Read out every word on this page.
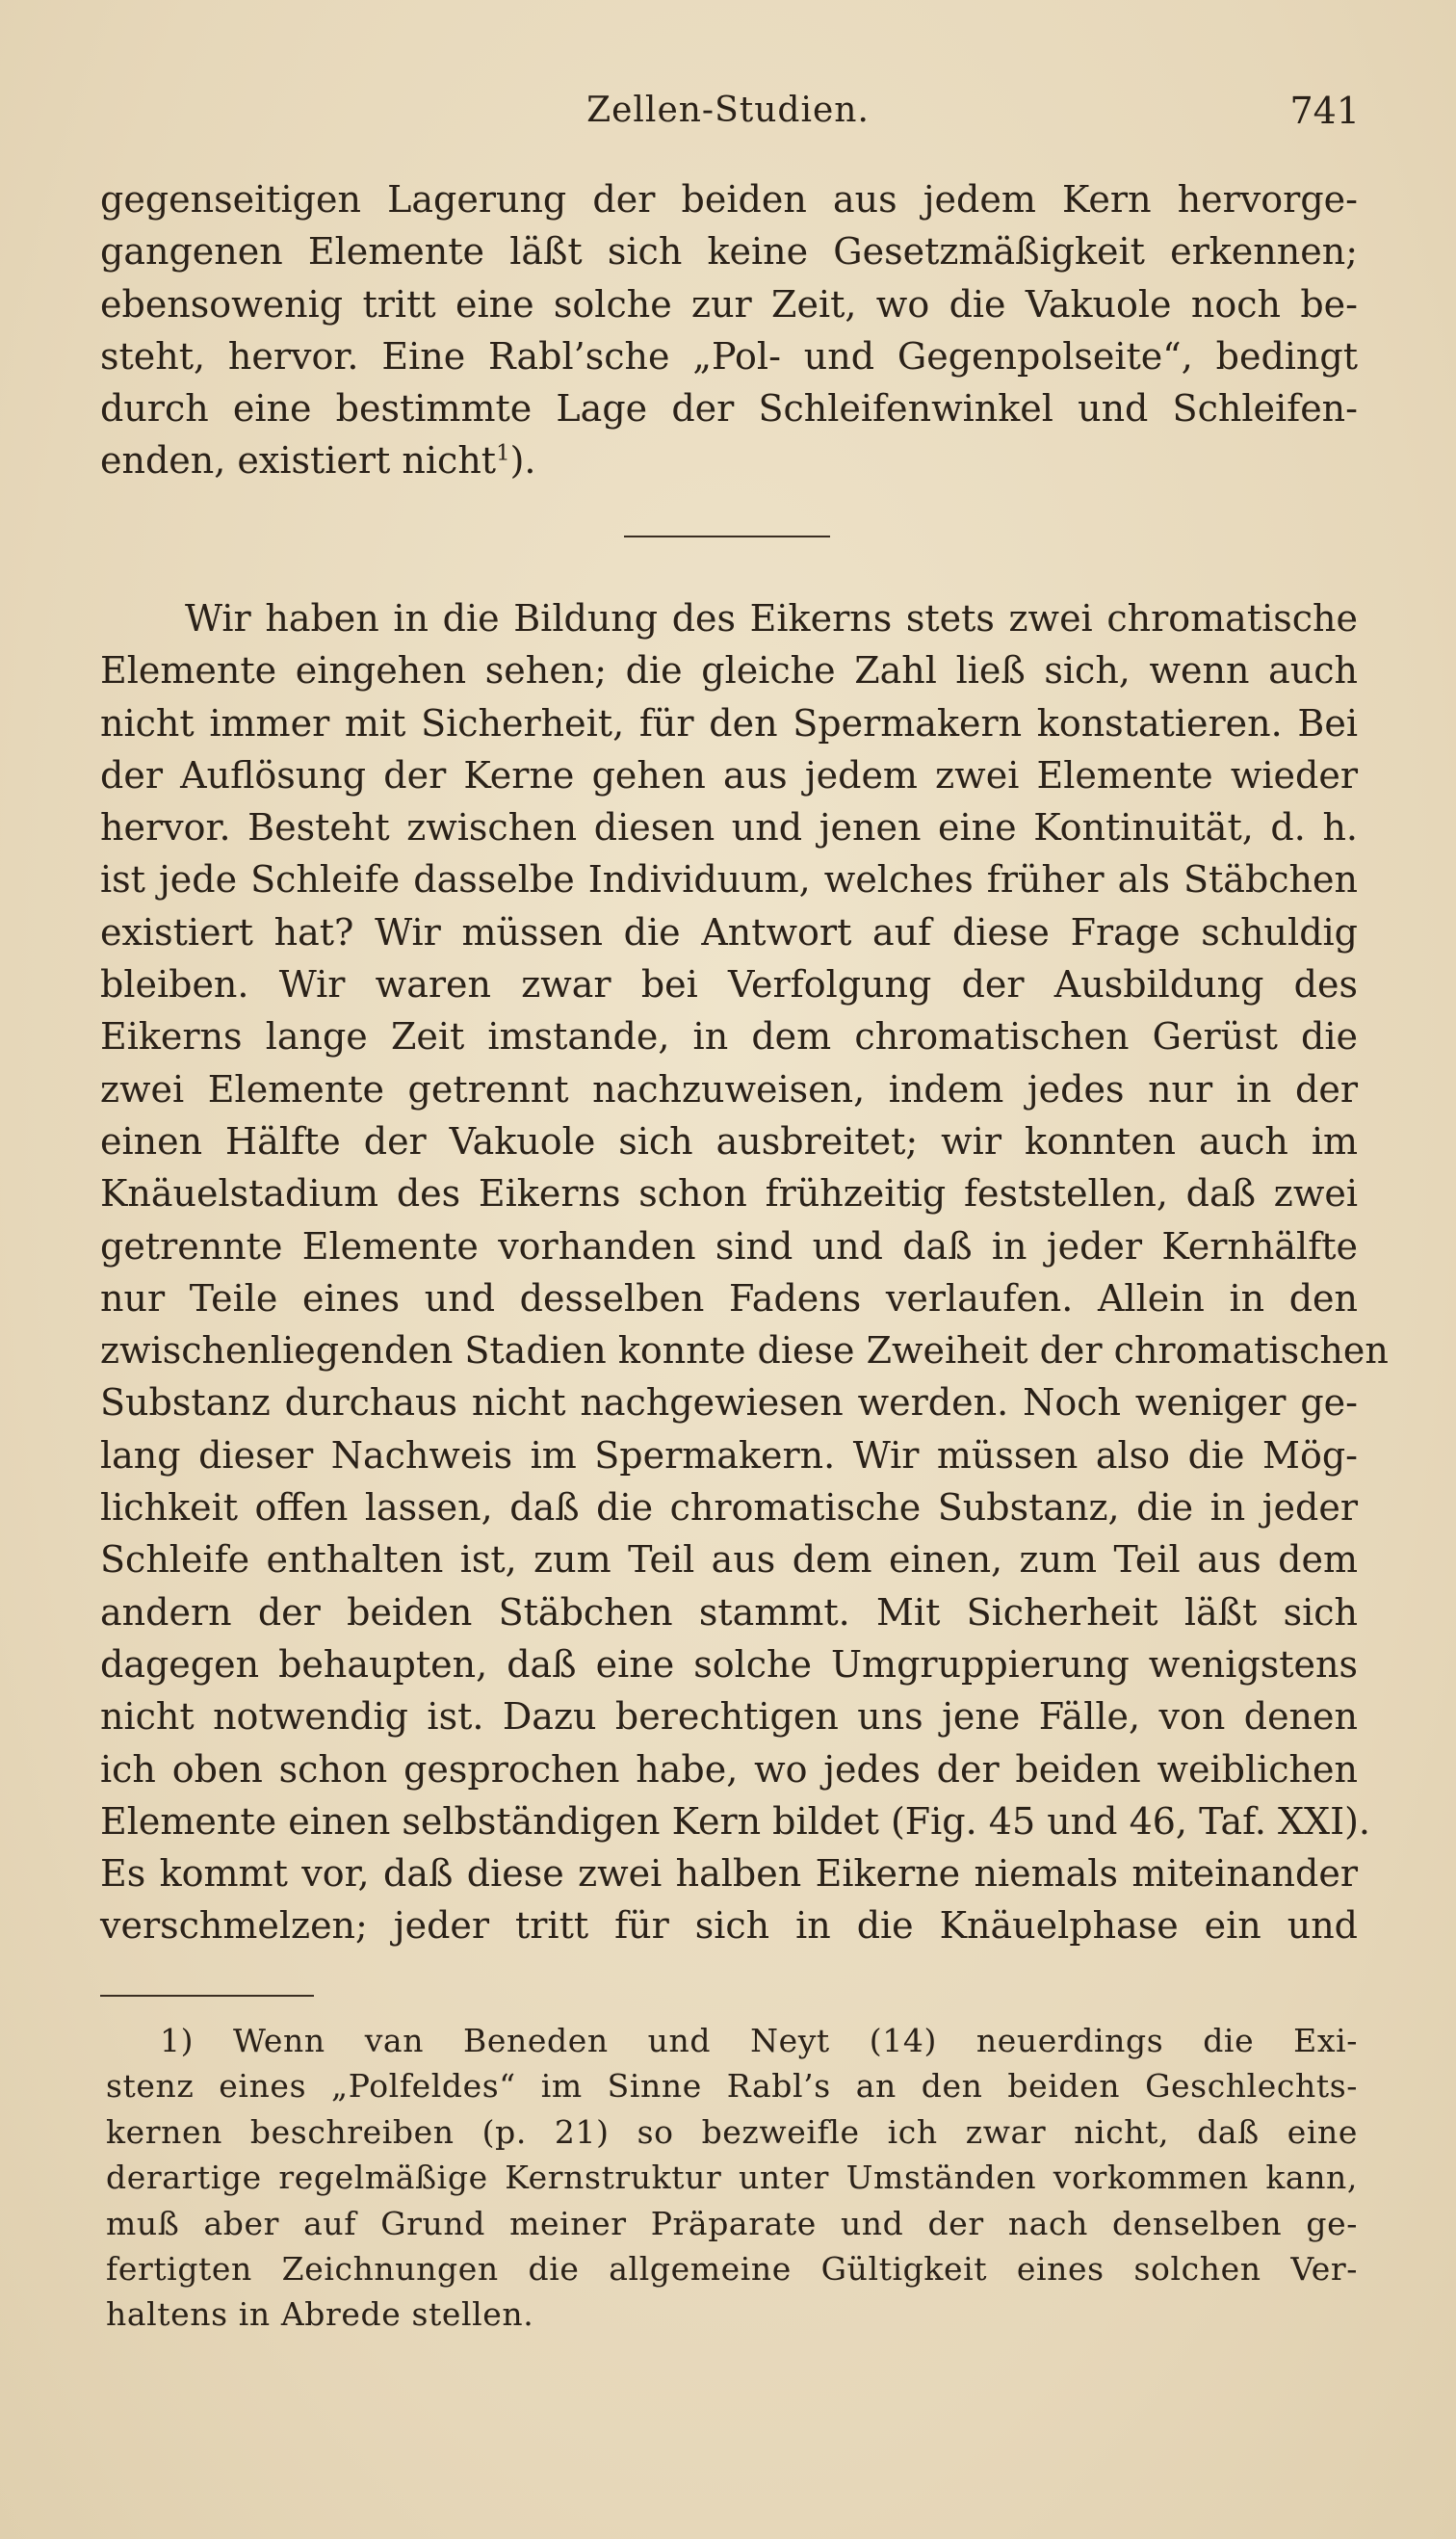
Zellen-Studien.	741
gegenseitigen Lagerung der beiden aus jedem Kern hervorge-
gangenen Elemente läßt sich keine Gesetzmäßigkeit erkennen;
ebensowenig tritt eine solche zur Zeit, wo die Vakuole noch be-
steht, hervor. Eine Rabl’sche „Pol- und Gegenpolseite“, bedingt
durch eine bestimmte Lage der Schleifenwinkel und Schleifen-
enden, existiert nicht$^1$).
Wir haben in die Bildung des Eikerns stets zwei chromatische
Elemente eingehen sehen; die gleiche Zahl ließ sich, wenn auch
nicht immer mit Sicherheit, für den Spermakern konstatieren. Bei
der Auflösung der Kerne gehen aus jedem zwei Elemente wieder
hervor. Besteht zwischen diesen und jenen eine Kontinuität, d. h.
ist jede Schleife dasselbe Individuum, welches früher als Stäbchen
existiert hat? Wir müssen die Antwort auf diese Frage schuldig
bleiben. Wir waren zwar bei Verfolgung der Ausbildung des
Eikerns lange Zeit imstande, in dem chromatischen Gerüst die
zwei Elemente getrennt nachzuweisen, indem jedes nur in der
einen Hälfte der Vakuole sich ausbreitet; wir konnten auch im
Knäuelstadium des Eikerns schon frühzeitig feststellen, daß zwei
getrennte Elemente vorhanden sind und daß in jeder Kernhälfte
nur Teile eines und desselben Fadens verlaufen. Allein in den
zwischenliegenden Stadien konnte diese Zweiheit der chromatischen
Substanz durchaus nicht nachgewiesen werden. Noch weniger ge-
lang dieser Nachweis im Spermakern. Wir müssen also die Mög-
lichkeit offen lassen, daß die chromatische Substanz, die in jeder
Schleife enthalten ist, zum Teil aus dem einen, zum Teil aus dem
andern der beiden Stäbchen stammt. Mit Sicherheit läßt sich
dagegen behaupten, daß eine solche Umgruppierung wenigstens
nicht notwendig ist. Dazu berechtigen uns jene Fälle, von denen
ich oben schon gesprochen habe, wo jedes der beiden weiblichen
Elemente einen selbständigen Kern bildet (Fig. 45 und 46, Taf. XXI).
Es kommt vor, daß diese zwei halben Eikerne niemals miteinander
verschmelzen; jeder tritt für sich in die Knäuelphase ein und
1) Wenn van Beneden und Neyt (14) neuerdings die Exi-
stenz eines „Polfeldes“ im Sinne Rabl’s an den beiden Geschlechts-
kernen beschreiben (p. 21) so bezweifle ich zwar nicht, daß eine
derartige regelmäßige Kernstruktur unter Umständen vorkommen kann,
muß aber auf Grund meiner Präparate und der nach denselben ge-
fertigten Zeichnungen die allgemeine Gültigkeit eines solchen Ver-
haltens in Abrede stellen.
